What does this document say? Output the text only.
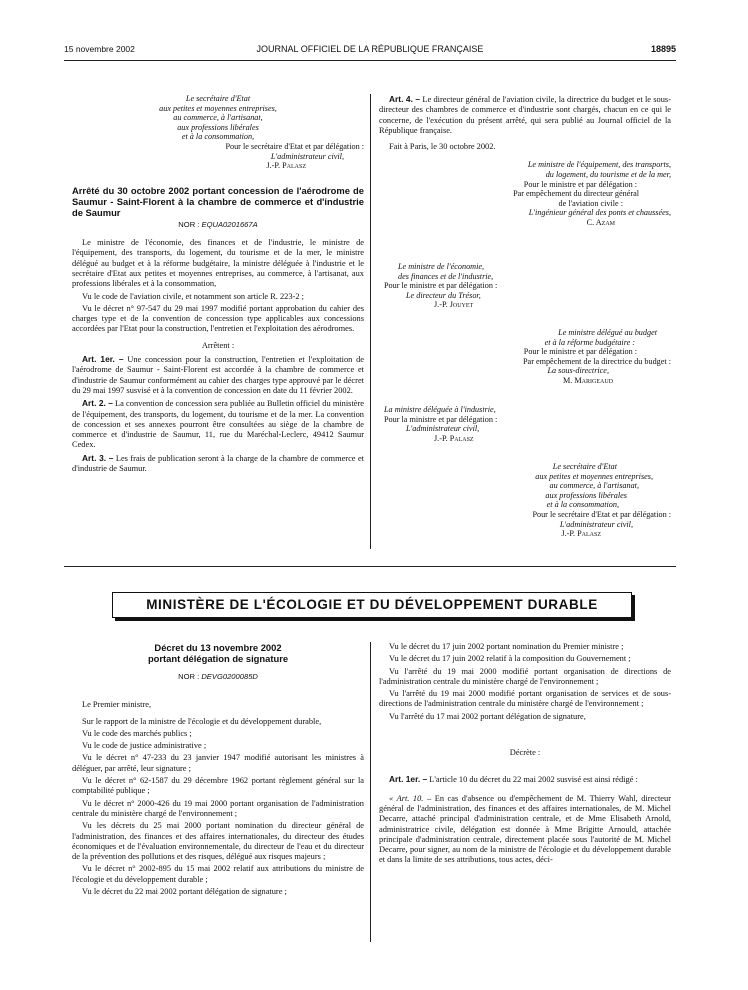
15 novembre 2002	JOURNAL OFFICIEL DE LA RÉPUBLIQUE FRANÇAISE	18895
Le secrétaire d'Etat
aux petites et moyennes entreprises,
au commerce, à l'artisanat,
aux professions libérales
et à la consommation,
Pour le secrétaire d'Etat et par délégation :
L'administrateur civil,
J.-P. Palasz
Arrêté du 30 octobre 2002 portant concession de l'aérodrome de Saumur - Saint-Florent à la chambre de commerce et d'industrie de Saumur
NOR : EQUA0201667A

Le ministre de l'économie, des finances et de l'industrie, le ministre de l'équipement, des transports, du logement, du tourisme et de la mer, le ministre délégué au budget et à la réforme budgétaire, la ministre déléguée à l'industrie et le secrétaire d'Etat aux petites et moyennes entreprises, au commerce, à l'artisanat, aux professions libérales et à la consommation,

Vu le code de l'aviation civile, et notamment son article R. 223-2 ;

Vu le décret n° 97-547 du 29 mai 1997 modifié portant approbation du cahier des charges type et de la convention de concession type applicables aux concessions accordées par l'Etat pour la construction, l'entretien et l'exploitation des aérodromes.

Arrêtent :

Art. 1er. – Une concession pour la construction, l'entretien et l'exploitation de l'aérodrome de Saumur - Saint-Florent est accordée à la chambre de commerce et d'industrie de Saumur conformément au cahier des charges type approuvé par le décret du 29 mai 1997 susvisé et à la convention de concession en date du 11 février 2002.

Art. 2. – La convention de concession sera publiée au Bulletin officiel du ministère de l'équipement, des transports, du logement, du tourisme et de la mer. La convention de concession et ses annexes pourront être consultées au siège de la chambre de commerce et d'industrie de Saumur, 11, rue du Maréchal-Leclerc, 49412 Saumur Cedex.

Art. 3. – Les frais de publication seront à la charge de la chambre de commerce et d'industrie de Saumur.

Art. 4. – Le directeur général de l'aviation civile, la directrice du budget et le sous-directeur des chambres de commerce et d'industrie sont chargés, chacun en ce qui le concerne, de l'exécution du présent arrêté, qui sera publié au Journal officiel de la République française.

Fait à Paris, le 30 octobre 2002.

Le ministre de l'équipement, des transports,
du logement, du tourisme et de la mer,
Pour le ministre et par délégation :
Par empêchement du directeur général
de l'aviation civile :
L'ingénieur général des ponts et chaussées,
C. Azam
Le ministre de l'économie,
des finances et de l'industrie,
Pour le ministre et par délégation :
Le directeur du Trésor,
J.-P. Jouyet
Le ministre délégué au budget
et à la réforme budgétaire :
Pour le ministre et par délégation :
Par empêchement de la directrice du budget :
La sous-directrice,
M. Marigeaud
La ministre déléguée à l'industrie,
Pour la ministre et par délégation :
L'administrateur civil,
J.-P. Palasz
Le secrétaire d'Etat
aux petites et moyennes entreprises,
au commerce, à l'artisanat,
aux professions libérales
et à la consommation,
Pour le secrétaire d'Etat et par délégation :
L'administrateur civil,
J.-P. Palasz
MINISTÈRE DE L'ÉCOLOGIE ET DU DÉVELOPPEMENT DURABLE
Décret du 13 novembre 2002
portant délégation de signature
NOR : DEVG0200085D

Le Premier ministre,

Sur le rapport de la ministre de l'écologie et du développement durable,

Vu le code des marchés publics ;

Vu le code de justice administrative ;

Vu le décret n° 47-233 du 23 janvier 1947 modifié autorisant les ministres à déléguer, par arrêté, leur signature ;

Vu le décret n° 62-1587 du 29 décembre 1962 portant règlement général sur la comptabilité publique ;

Vu le décret n° 2000-426 du 19 mai 2000 portant organisation de l'administration centrale du ministère chargé de l'environnement ;

Vu les décrets du 25 mai 2000 portant nomination du directeur général de l'administration, des finances et des affaires internationales, du directeur des études économiques et de l'évaluation environnementale, du directeur de l'eau et du directeur de la prévention des pollutions et des risques, délégué aux risques majeurs ;

Vu le décret n° 2002-895 du 15 mai 2002 relatif aux attributions du ministre de l'écologie et du développement durable ;

Vu le décret du 22 mai 2002 portant délégation de signature ;

Vu le décret du 17 juin 2002 portant nomination du Premier ministre ;

Vu le décret du 17 juin 2002 relatif à la composition du Gouvernement ;

Vu l'arrêté du 19 mai 2000 modifié portant organisation de directions de l'administration centrale du ministère chargé de l'environnement ;

Vu l'arrêté du 19 mai 2000 modifié portant organisation de services et de sous-directions de l'administration centrale du ministère chargé de l'environnement ;

Vu l'arrêté du 17 mai 2002 portant délégation de signature,

Décrète :

Art. 1er. – L'article 10 du décret du 22 mai 2002 susvisé est ainsi rédigé :

« Art. 10. – En cas d'absence ou d'empêchement de M. Thierry Wahl, directeur général de l'administration, des finances et des affaires internationales, de M. Michel Decarre, attaché principal d'administration centrale, et de Mme Elisabeth Arnold, administratrice civile, délégation est donnée à Mme Brigitte Arnould, attachée principale d'administration centrale, directement placée sous l'autorité de M. Michel Decarre, pour signer, au nom de la ministre de l'écologie et du développement durable et dans la limite de ses attributions, tous actes, déci-
